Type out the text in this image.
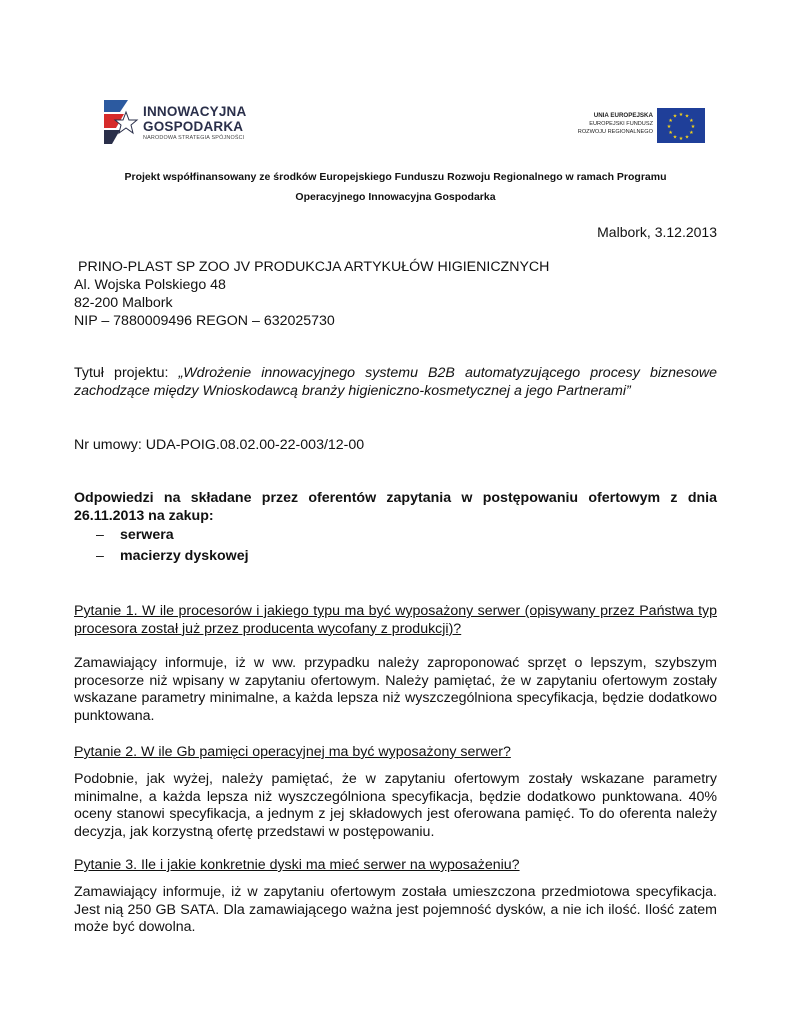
INNOWACYJNA
GOSPODARKA
NARODOWA STRATEGIA SPÓJNOŚCI
UNIA EUROPEJSKA
EUROPEJSKI FUNDUSZ
ROZWOJU REGIONALNEGO
★ ★
★
★
★
★
★
★
★
★
★
★
Projekt współfinansowany ze środków Europejskiego Funduszu Rozwoju Regionalnego w ramach Programu
Operacyjnego Innowacyjna Gospodarka
Malbork, 3.12.2013
PRINO-PLAST SP ZOO JV PRODUKCJA ARTYKUŁÓW HIGIENICZNYCH
Al. Wojska Polskiego 48
82-200 Malbork
NIP – 7880009496 REGON – 632025730
Tytuł projektu: „Wdrożenie innowacyjnego systemu B2B automatyzującego procesy biznesowe zachodzące między Wnioskodawcą branży higieniczno-kosmetycznej a jego Partnerami”
Nr umowy: UDA-POIG.08.02.00-22-003/12-00
Odpowiedzi na składane przez oferentów zapytania w postępowaniu ofertowym z dnia 26.11.2013 na zakup:
– serwera
– macierzy dyskowej
Pytanie 1. W ile procesorów i jakiego typu ma być wyposażony serwer (opisywany przez Państwa typ procesora został już przez producenta wycofany z produkcji)?
Zamawiający informuje, iż w ww. przypadku należy zaproponować sprzęt o lepszym, szybszym procesorze niż wpisany w zapytaniu ofertowym. Należy pamiętać, że w zapytaniu ofertowym zostały wskazane parametry minimalne, a każda lepsza niż wyszczególniona specyfikacja, będzie dodatkowo punktowana.
Pytanie 2. W ile Gb pamięci operacyjnej ma być wyposażony serwer?
Podobnie, jak wyżej, należy pamiętać, że w zapytaniu ofertowym zostały wskazane parametry minimalne, a każda lepsza niż wyszczególniona specyfikacja, będzie dodatkowo punktowana. 40% oceny stanowi specyfikacja, a jednym z jej składowych jest oferowana pamięć. To do oferenta należy decyzja, jak korzystną ofertę przedstawi w postępowaniu.
Pytanie 3. Ile i jakie konkretnie dyski ma mieć serwer na wyposażeniu?
Zamawiający informuje, iż w zapytaniu ofertowym została umieszczona przedmiotowa specyfikacja. Jest nią 250 GB SATA. Dla zamawiającego ważna jest pojemność dysków, a nie ich ilość. Ilość zatem może być dowolna.
